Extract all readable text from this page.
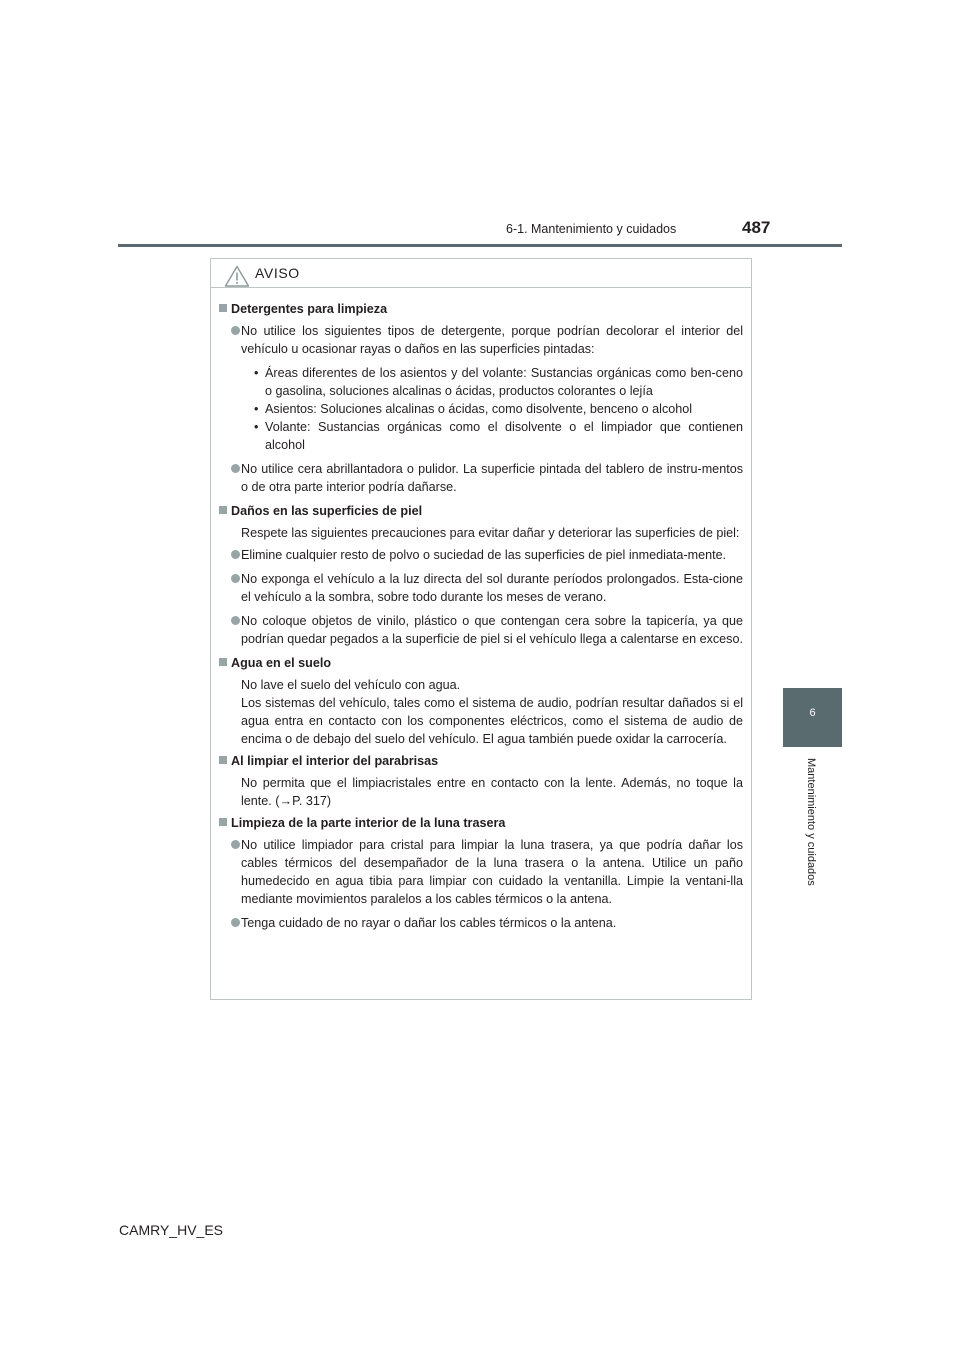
6-1. Mantenimiento y cuidados	487
6
Mantenimiento y cuidados
AVISO
Detergentes para limpieza
No utilice los siguientes tipos de detergente, porque podrían decolorar el interior del vehículo u ocasionar rayas o daños en las superficies pintadas:
• Áreas diferentes de los asientos y del volante: Sustancias orgánicas como ben-ceno o gasolina, soluciones alcalinas o ácidas, productos colorantes o lejía
• Asientos: Soluciones alcalinas o ácidas, como disolvente, benceno o alcohol
• Volante: Sustancias orgánicas como el disolvente o el limpiador que contienen alcohol
No utilice cera abrillantadora o pulidor. La superficie pintada del tablero de instru-mentos o de otra parte interior podría dañarse.
Daños en las superficies de piel
Respete las siguientes precauciones para evitar dañar y deteriorar las superficies de piel:
Elimine cualquier resto de polvo o suciedad de las superficies de piel inmediata-mente.
No exponga el vehículo a la luz directa del sol durante períodos prolongados. Esta-cione el vehículo a la sombra, sobre todo durante los meses de verano.
No coloque objetos de vinilo, plástico o que contengan cera sobre la tapicería, ya que podrían quedar pegados a la superficie de piel si el vehículo llega a calentarse en exceso.
Agua en el suelo
No lave el suelo del vehículo con agua.
Los sistemas del vehículo, tales como el sistema de audio, podrían resultar dañados si el agua entra en contacto con los componentes eléctricos, como el sistema de audio de encima o de debajo del suelo del vehículo. El agua también puede oxidar la carrocería.
Al limpiar el interior del parabrisas
No permita que el limpiacristales entre en contacto con la lente. Además, no toque la lente. (→P. 317)
Limpieza de la parte interior de la luna trasera
No utilice limpiador para cristal para limpiar la luna trasera, ya que podría dañar los cables térmicos del desempañador de la luna trasera o la antena. Utilice un paño humedecido en agua tibia para limpiar con cuidado la ventanilla. Limpie la ventani-lla mediante movimientos paralelos a los cables térmicos o la antena.
Tenga cuidado de no rayar o dañar los cables térmicos o la antena.
CAMRY_HV_ES
